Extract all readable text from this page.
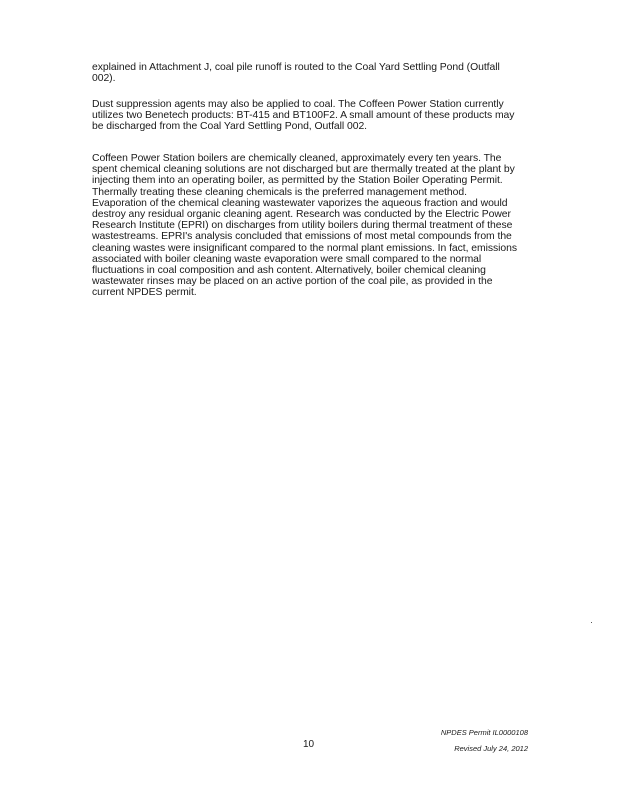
explained in Attachment J, coal pile runoff is routed to the Coal Yard Settling Pond (Outfall 002).

Dust suppression agents may also be applied to coal. The Coffeen Power Station currently utilizes two Benetech products: BT-415 and BT100F2. A small amount of these products may be discharged from the Coal Yard Settling Pond, Outfall 002.

Coffeen Power Station boilers are chemically cleaned, approximately every ten years. The spent chemical cleaning solutions are not discharged but are thermally treated at the plant by injecting them into an operating boiler, as permitted by the Station Boiler Operating Permit. Thermally treating these cleaning chemicals is the preferred management method. Evaporation of the chemical cleaning wastewater vaporizes the aqueous fraction and would destroy any residual organic cleaning agent. Research was conducted by the Electric Power Research Institute (EPRI) on discharges from utility boilers during thermal treatment of these wastestreams. EPRI's analysis concluded that emissions of most metal compounds from the cleaning wastes were insignificant compared to the normal plant emissions. In fact, emissions associated with boiler cleaning waste evaporation were small compared to the normal fluctuations in coal composition and ash content. Alternatively, boiler chemical cleaning wastewater rinses may be placed on an active portion of the coal pile, as provided in the current NPDES permit.

NPDES Permit IL0000108
10	Revised July 24, 2012
